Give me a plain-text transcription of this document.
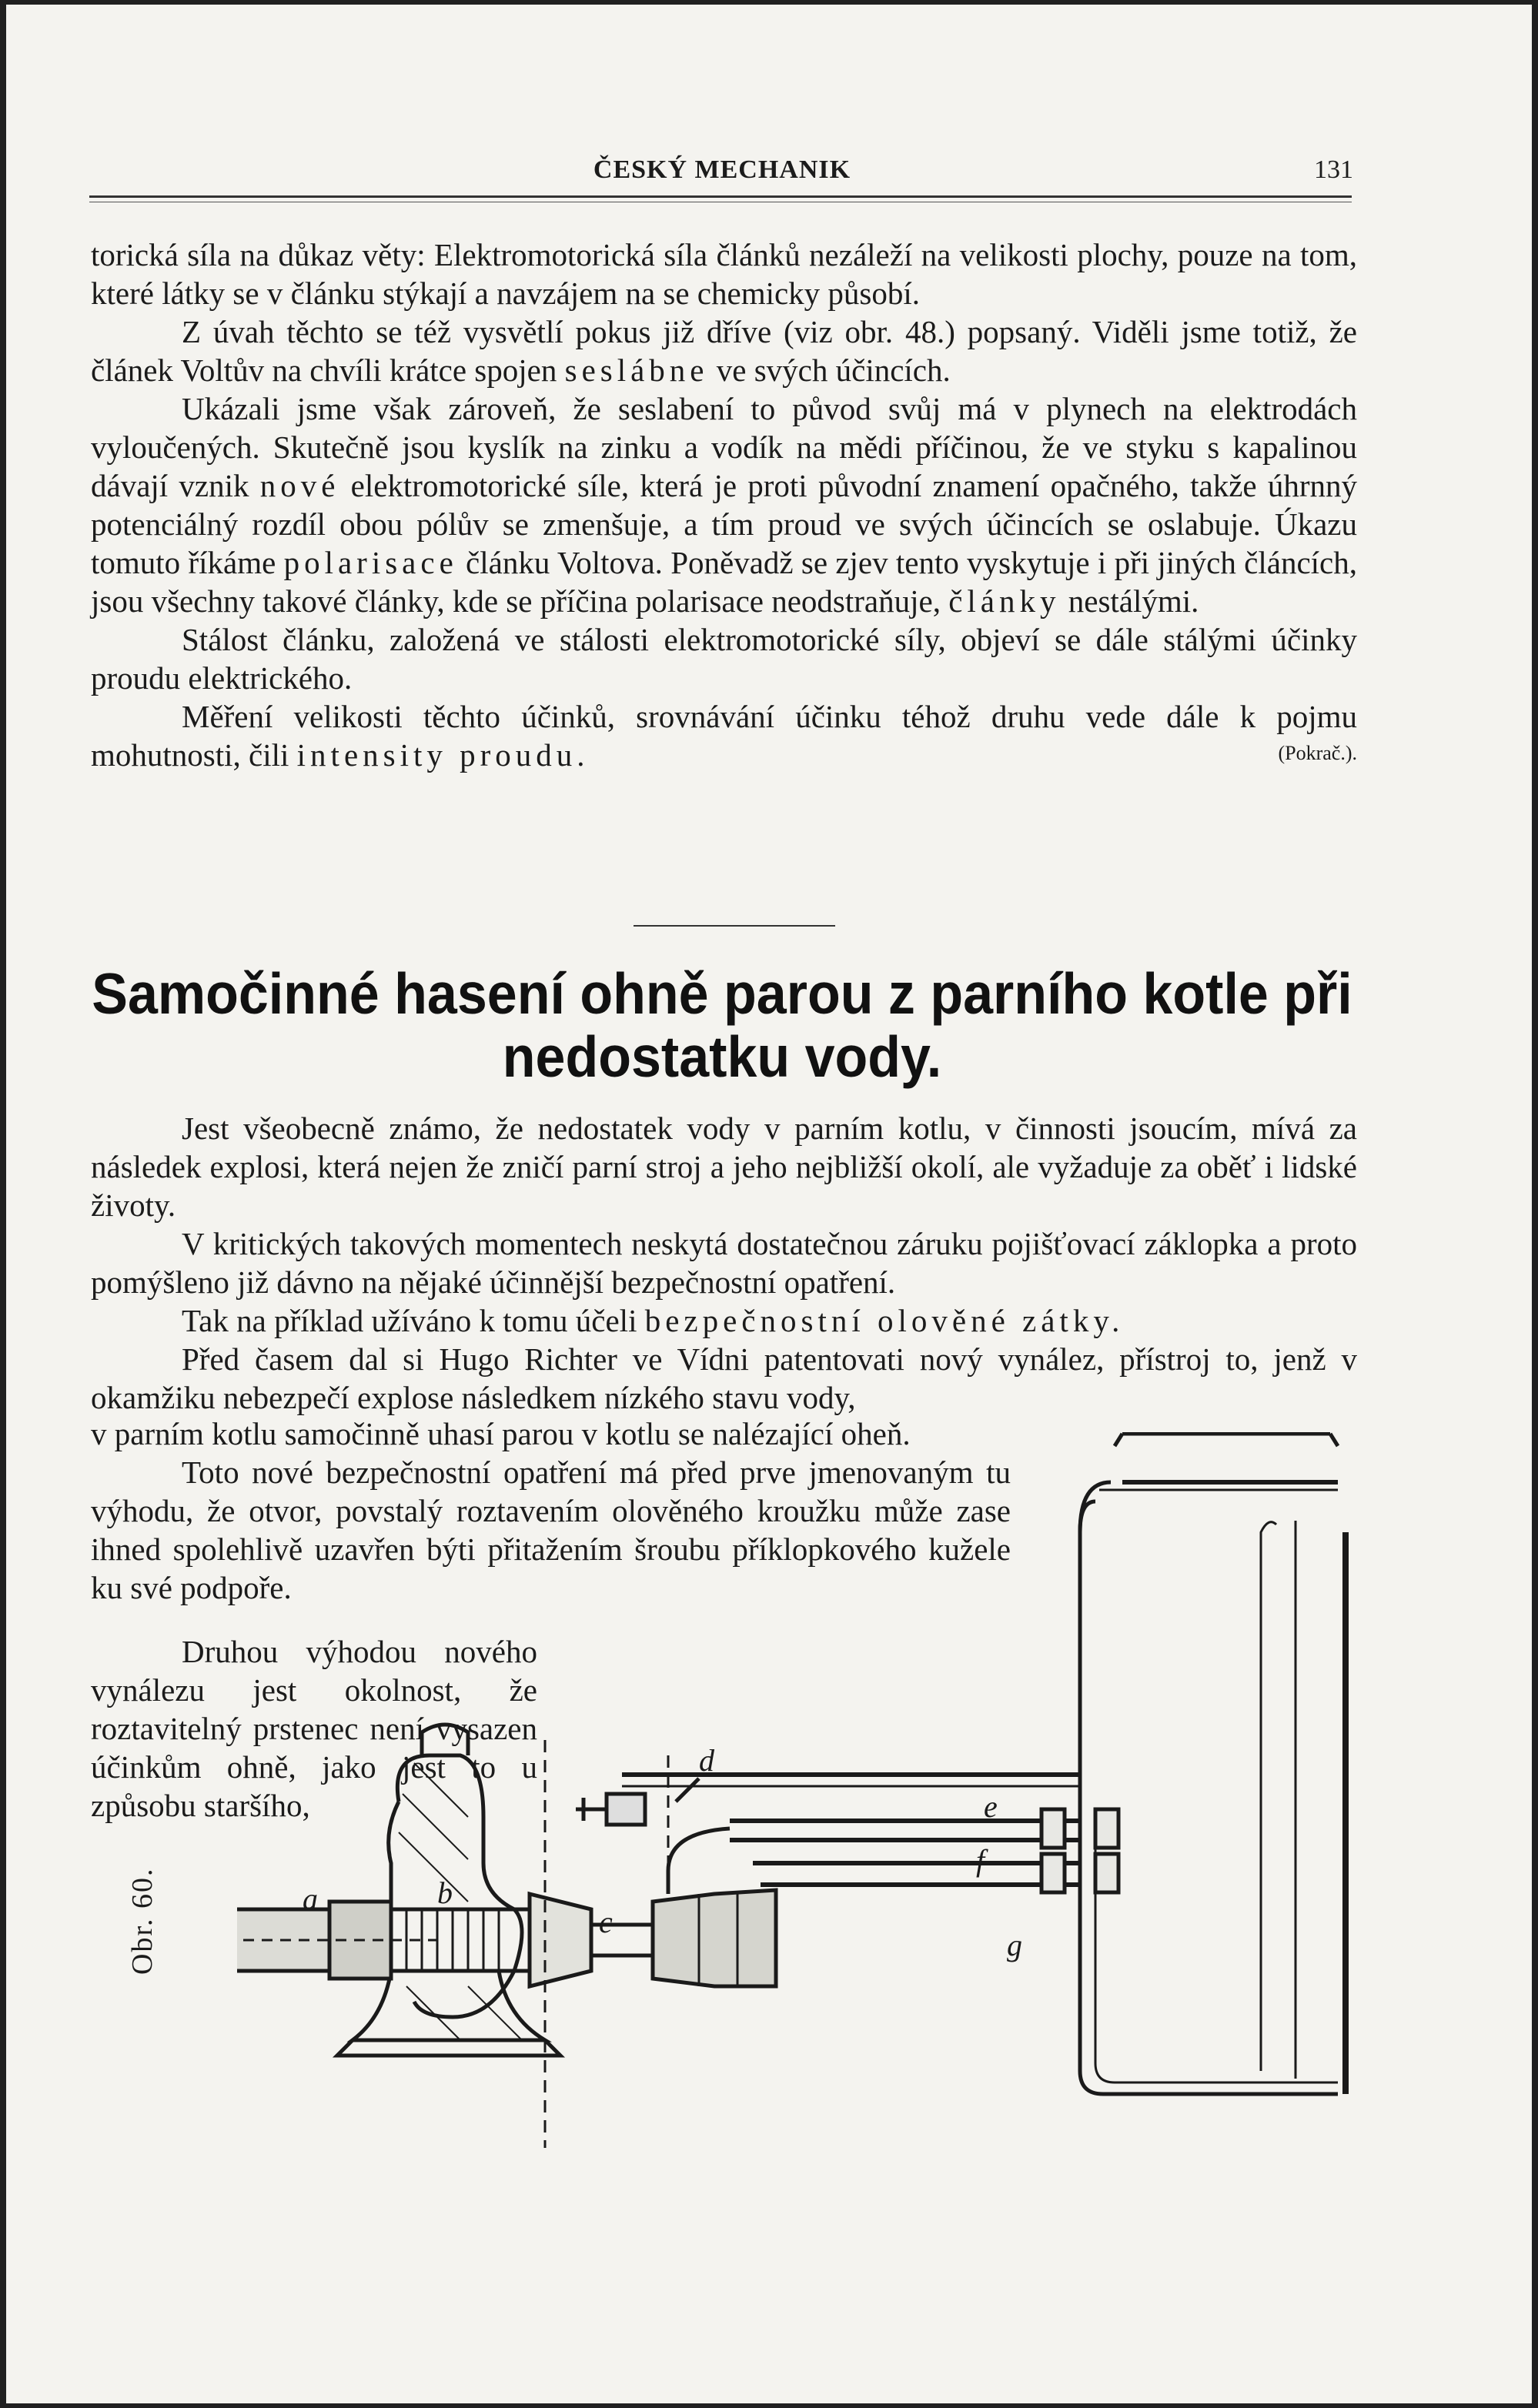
ČESKÝ MECHANIK	131

torická síla na důkaz věty: Elektromotorická síla článků nezáleží na velikosti plochy, pouze na tom, které látky se v článku stýkají a navzájem na se chemicky působí.

Z úvah těchto se též vysvětlí pokus již dříve (viz obr. 48.) popsaný. Viděli jsme totiž, že článek Voltův na chvíli krátce spojen seslábne ve svých účincích.

Ukázali jsme však zároveň, že seslabení to původ svůj má v plynech na elektrodách vyloučených. Skutečně jsou kyslík na zinku a vodík na mědi příčinou, že ve styku s kapalinou dávají vznik nové elektromotorické síle, která je proti původní znamení opačného, takže úhrnný potenciálný rozdíl obou pólův se zmenšuje, a tím proud ve svých účincích se oslabuje. Úkazu tomuto říkáme polarisace článku Voltova. Poněvadž se zjev tento vyskytuje i při jiných článcích, jsou všechny takové články, kde se příčina polarisace neodstraňuje, články nestálými.

Stálost článku, založená ve stálosti elektromotorické síly, objeví se dále stálými účinky proudu elektrického.

Měření velikosti těchto účinků, srovnávání účinku téhož druhu vede dále k pojmu mohutnosti, čili intensity proudu.	(Pokrač.).

Samočinné hasení ohně parou z parního kotle při nedostatku vody.

Jest všeobecně známo, že nedostatek vody v parním kotlu, v činnosti jsoucím, mívá za následek explosi, která nejen že zničí parní stroj a jeho nejbližší okolí, ale vyžaduje za oběť i lidské životy.

V kritických takových momentech neskytá dostatečnou záruku pojišťovací záklopka a proto pomýšleno již dávno na nějaké účinnější bezpečnostní opatření.

Tak na příklad užíváno k tomu účeli bezpečnostní olověné zátky.

Před časem dal si Hugo Richter ve Vídni patentovati nový vynález, přístroj to, jenž v okamžiku nebezpečí explose následkem nízkého stavu vody,

v parním kotlu samočinně uhasí parou v kotlu se nalézající oheň.

Toto nové bezpečnostní opatření má před prve jmenovaným tu výhodu, že otvor, povstalý roztavením olověného kroužku může zase ihned spolehlivě uzavřen býti přitažením šroubu příklopkového kužele ku své podpoře.

Druhou výhodou nového vynálezu jest okolnost, že roztavitelný prstenec není vysazen účinkům ohně, jako jest to u způsobu staršího,

Obr. 60.	a	b
c
d
e
f
g
